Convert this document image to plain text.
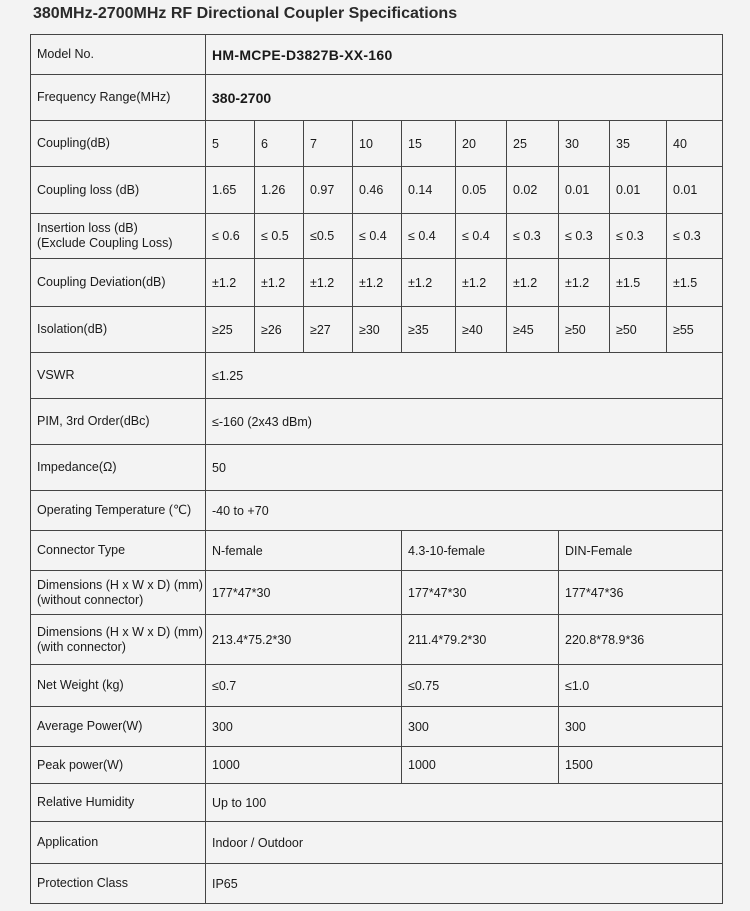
380MHz-2700MHz RF Directional Coupler Specifications
Model No.	HM-MCPE-D3827B-XX-160									
Frequency Range(MHz)	380-2700									
Coupling(dB)	5	6	7	10	15	20	25	30	35	40
Coupling loss (dB)	1.65	1.26	0.97	0.46	0.14	0.05	0.02	0.01	0.01	0.01

Insertion loss (dB)
(Exclude Coupling Loss)	≤ 0.6	≤ 0.5	≤0.5	≤ 0.4	≤ 0.4	≤ 0.4	≤ 0.3	≤ 0.3	≤ 0.3	≤ 0.3
Coupling Deviation(dB)	±1.2	±1.2	±1.2	±1.2	±1.2	±1.2	±1.2	±1.2	±1.5	±1.5
Isolation(dB)	≥25	≥26	≥27	≥30	≥35	≥40	≥45	≥50	≥50	≥55
VSWR	≤1.25									
PIM, 3rd Order(dBc)	≤-160 (2x43 dBm)									
Impedance(Ω)	50									
Operating Temperature (℃)	-40 to +70									
Connector Type	N-female				4.3-10-female			DIN-Female		

Dimensions (H x W x D) (mm)
(without connector)	177*47*30				177*47*30			177*47*36		

Dimensions (H x W x D) (mm)
(with connector)	213.4*75.2*30				211.4*79.2*30			220.8*78.9*36		
Net Weight (kg)	≤0.7				≤0.75			≤1.0		
Average Power(W)	300				300			300		
Peak power(W)	1000				1000			1500		
Relative Humidity	Up to 100									
Application	Indoor / Outdoor									
Protection Class	IP65									
